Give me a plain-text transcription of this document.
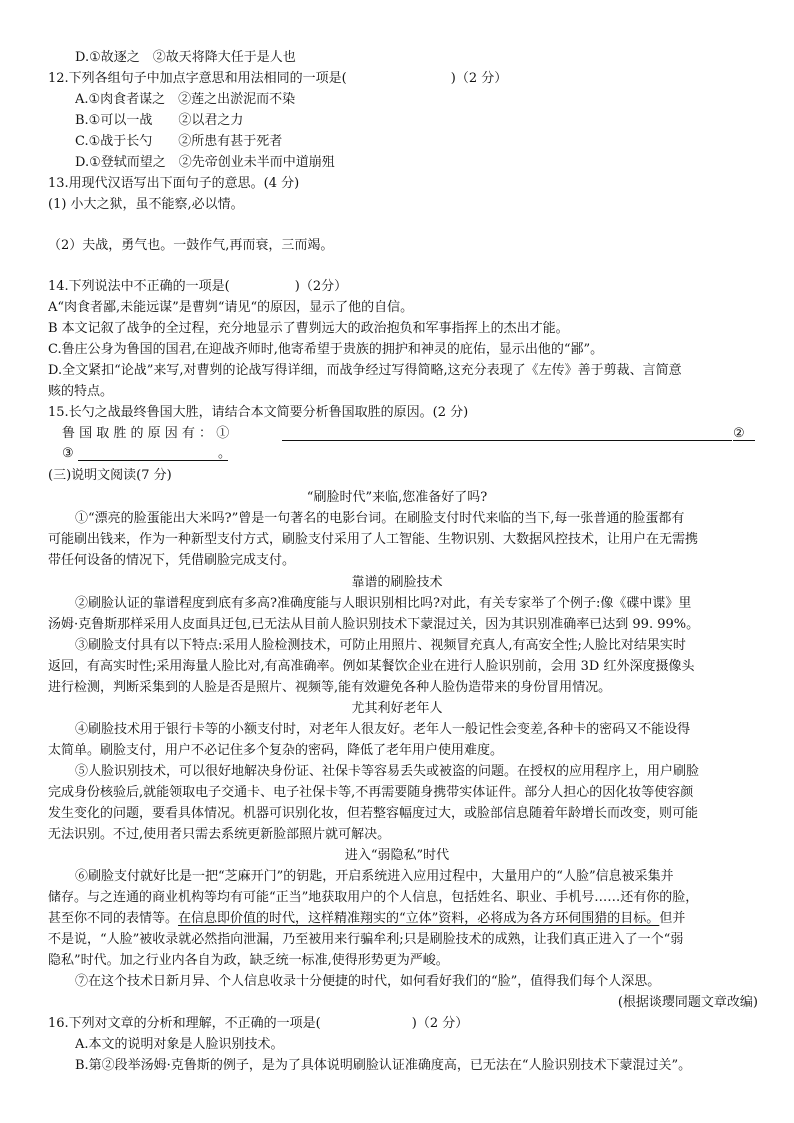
D.①故逐之　②故天将降大任于是人也
12.下列各组句子中加点字意思和用法相同的一项是(　　　　　　　　)（2 分）
A.①肉食者谋之　②莲之出淤泥而不染
B.①可以一战　　②以君之力
C.①战于长勺　　②所患有甚于死者
D.①登轼而望之　②先帝创业未半而中道崩殂
13.用现代汉语写出下面句子的意思。(4 分)
(1) 小大之狱，虽不能察,必以情。
（2）夫战，勇气也。一鼓作气,再而衰，三而竭。
14.下列说法中不正确的一项是(　　　　　)（2分）
A“肉食者鄙,未能远谋”是曹刿“请见“的原因，显示了他的自信。
B 本文记叙了战争的全过程，充分地显示了曹刿远大的政治抱负和军事指挥上的杰出才能。
C.鲁庄公身为鲁国的国君,在迎战齐师时,他寄希望于贵族的拥护和神灵的庇佑，显示出他的“鄙”。
D.全文紧扣“论战”来写,对曹刿的论战写得详细，而战争经过写得简略,这充分表现了《左传》善于剪裁、言简意
赅的特点。
15.长勺之战最终鲁国大胜，请结合本文简要分析鲁国取胜的原因。(2 分)
鲁 国 取 胜 的 原 因 有 ： ①	②
③	。
(三)说明文阅读(7 分)
“刷脸时代”来临,您准备好了吗?
①“漂亮的脸蛋能出大米吗?”曾是一句著名的电影台词。在刷脸支付时代来临的当下,每一张普通的脸蛋都有
可能刷出钱来，作为一种新型支付方式，刷脸支付采用了人工智能、生物识别、大数据风控技术，让用户在无需携
带任何设备的情况下，凭借刷脸完成支付。
靠谱的刷脸技术
②刷脸认证的靠谱程度到底有多高?准确度能与人眼识别相比吗?对此，有关专家举了个例子:像《碟中谍》里
汤姆·克鲁斯那样采用人皮面具迂包,已无法从目前人脸识别技术下蒙混过关，因为其识别准确率已达到 99. 99%。
③刷脸支付具有以下特点:采用人脸检测技术，可防止用照片、视频冒充真人,有高安全性;人脸比对结果实时
返回，有高实时性;采用海量人脸比对,有高准确率。例如某餐饮企业在进行人脸识别前，会用 3D 红外深度摄像头
进行检测，判断采集到的人脸是否是照片、视频等,能有效避免各种人脸伪造带来的身份冒用情况。
尤其利好老年人
④刷脸技术用于银行卡等的小额支付时，对老年人很友好。老年人一般记性会变差,各种卡的密码又不能设得
太简单。刷脸支付，用户不必记住多个复杂的密码，降低了老年用户使用难度。
⑤人脸识别技术，可以很好地解决身份证、社保卡等容易丢失或被盗的问题。在授权的应用程序上，用户刷脸
完成身份核验后,就能领取电子交通卡、电子社保卡等,不再需要随身携带实体证件。部分人担心的因化妆等使容颜
发生变化的问题，要看具体情况。机器可识别化妆，但若整容幅度过大，或脸部信息随着年龄增长而改变，则可能
无法识别。不过,使用者只需去系统更新脸部照片就可解决。
进入“弱隐私”时代
⑥刷脸支付就好比是一把“芝麻开门”的钥匙，开启系统进入应用过程中，大量用户的“人脸”信息被采集并
储存。与之连通的商业机构等均有可能“正当”地获取用户的个人信息，包括姓名、职业、手机号……还有你的脸，
甚至你不同的表情等。在信息即价值的时代，这样精准翔实的“立体”资料，必将成为各方环伺围猎的目标。但并
不是说，“人脸”被收录就必然指向泄漏，乃至被用来行骗牟利;只是刷脸技术的成熟，让我们真正进入了一个“弱
隐私”时代。加之行业内各自为政，缺乏统一标准,使得形势更为严峻。
⑦在这个技术日新月异、个人信息收录十分便捷的时代，如何看好我们的“脸”，值得我们每个人深思。
(根据谈璎同题文章改编)
16.下列对文章的分析和理解，不正确的一项是(　　　　　　　)（2 分）
A.本文的说明对象是人脸识别技术。
B.第②段举汤姆·克鲁斯的例子，是为了具体说明刷脸认证准确度高，已无法在“人脸识别技术下蒙混过关”。
